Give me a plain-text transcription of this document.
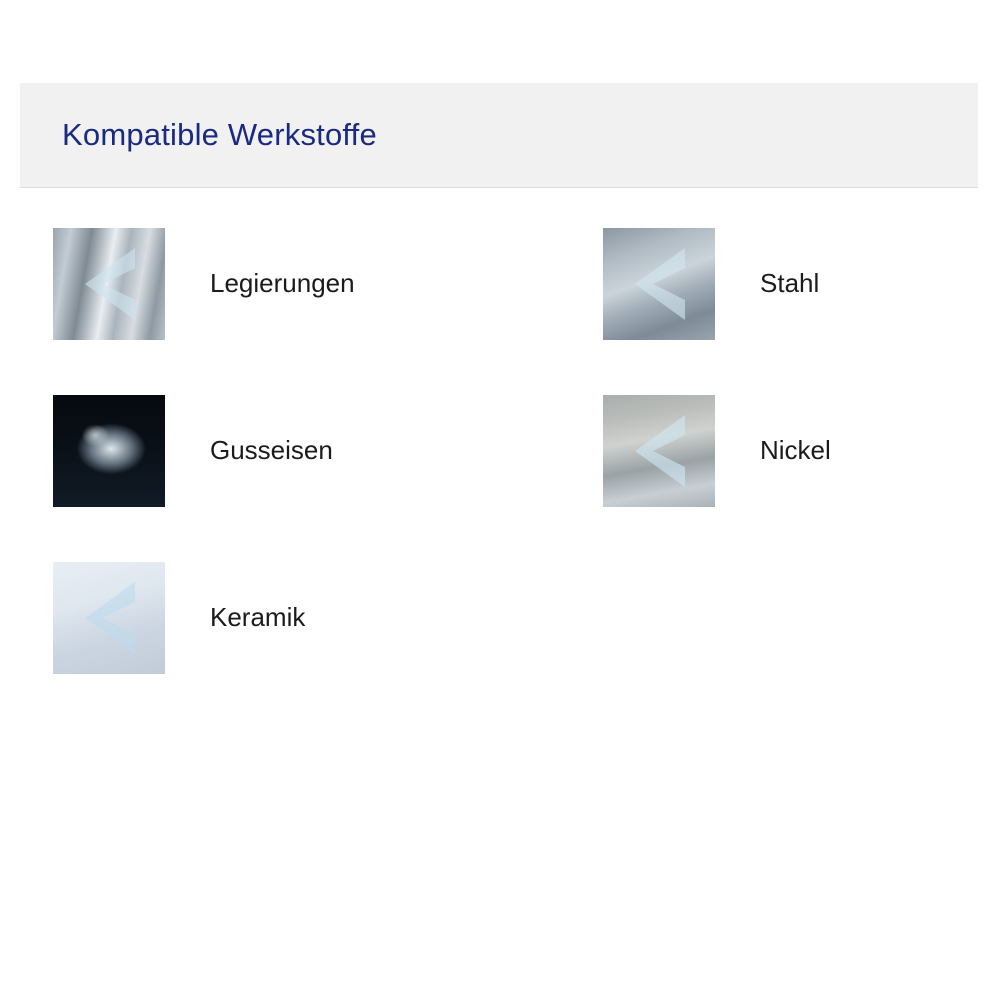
Kompatible Werkstoffe
Legierungen	Stahl
Gusseisen	Nickel
Keramik
